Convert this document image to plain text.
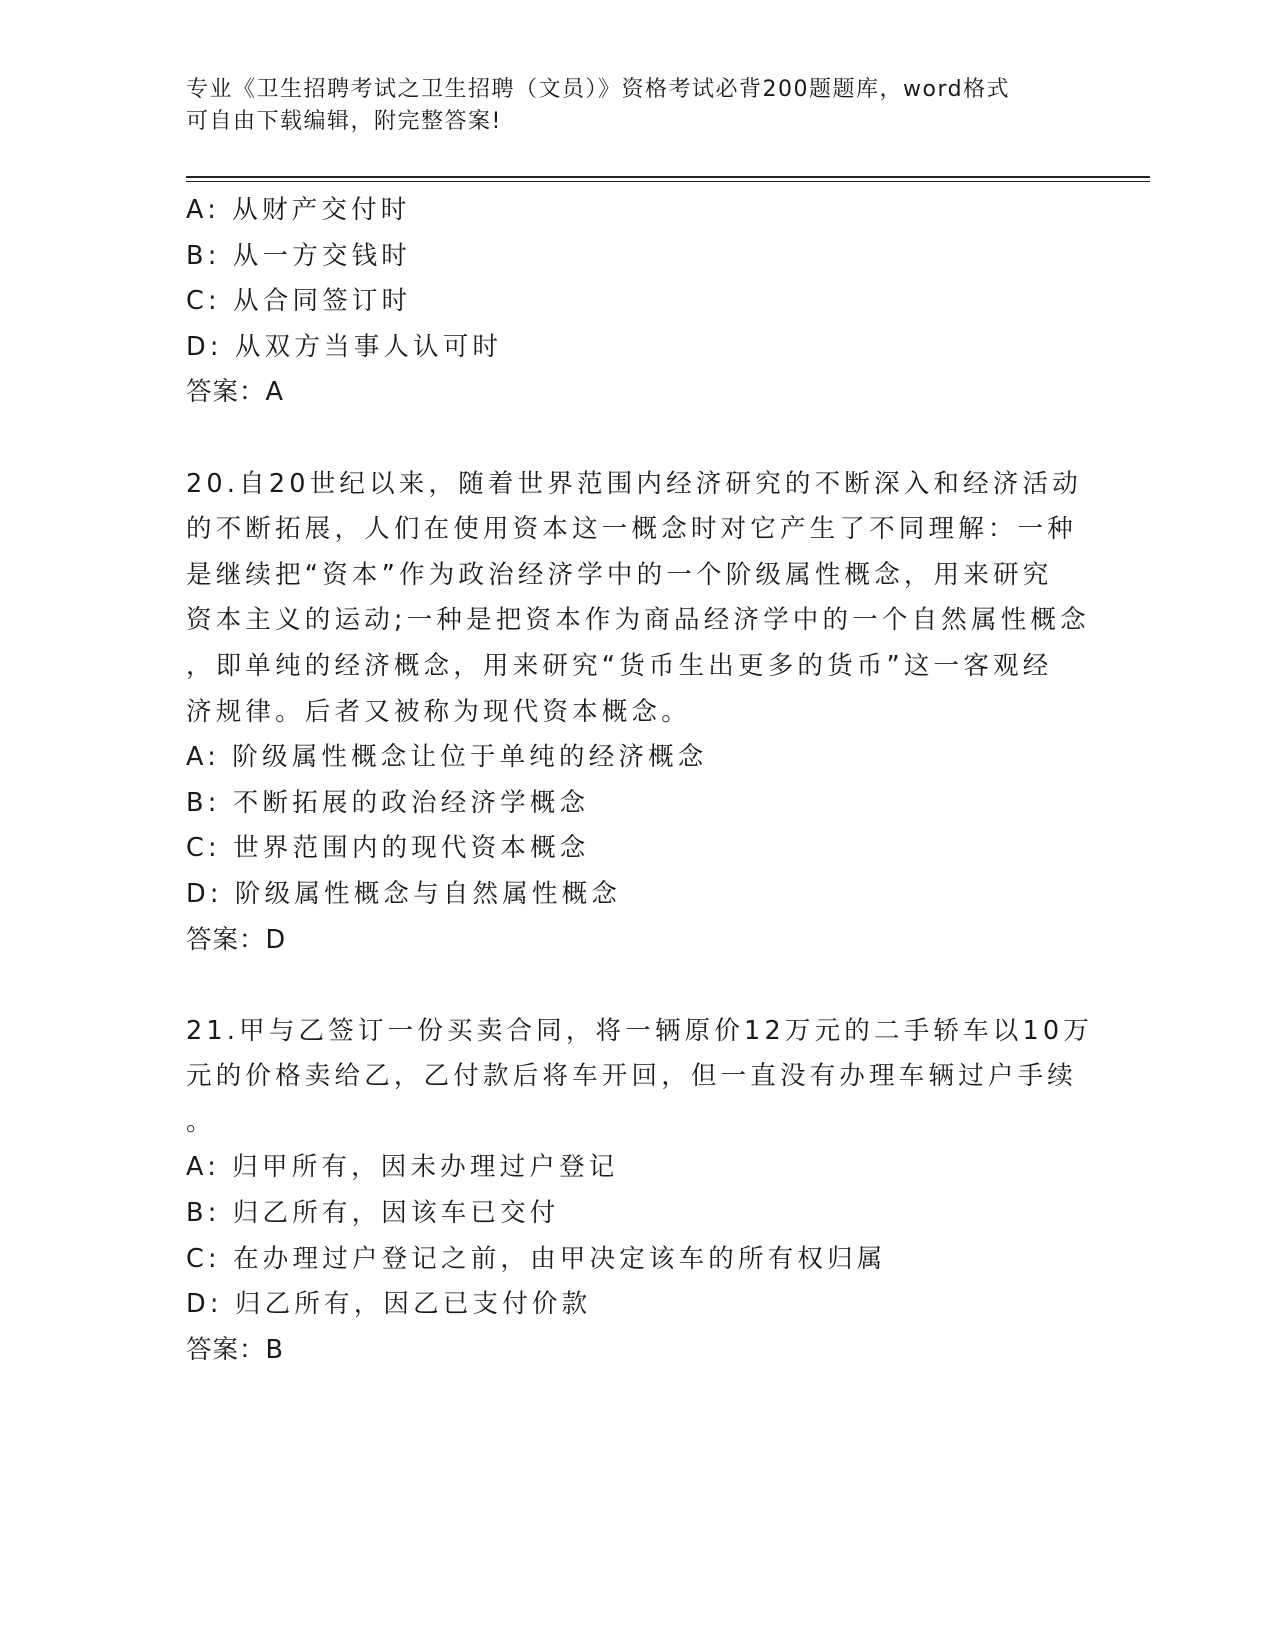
专业《卫生招聘考试之卫生招聘（文员）》资格考试必背200题题库，word格式
可自由下载编辑，附完整答案!
A: 从财产交付时
B: 从一方交钱时
C: 从合同签订时
D: 从双方当事人认可时
答案：A
20.自20世纪以来，随着世界范围内经济研究的不断深入和经济活动
的不断拓展，人们在使用资本这一概念时对它产生了不同理解：一种
是继续把“资本”作为政治经济学中的一个阶级属性概念，用来研究
资本主义的运动;一种是把资本作为商品经济学中的一个自然属性概念
，即单纯的经济概念，用来研究“货币生出更多的货币”这一客观经
济规律。后者又被称为现代资本概念。
A: 阶级属性概念让位于单纯的经济概念
B: 不断拓展的政治经济学概念
C: 世界范围内的现代资本概念
D: 阶级属性概念与自然属性概念
答案：D
21.甲与乙签订一份买卖合同，将一辆原价12万元的二手轿车以10万
元的价格卖给乙，乙付款后将车开回，但一直没有办理车辆过户手续
。
A: 归甲所有，因未办理过户登记
B: 归乙所有，因该车已交付
C: 在办理过户登记之前，由甲决定该车的所有权归属
D: 归乙所有，因乙已支付价款
答案：B
